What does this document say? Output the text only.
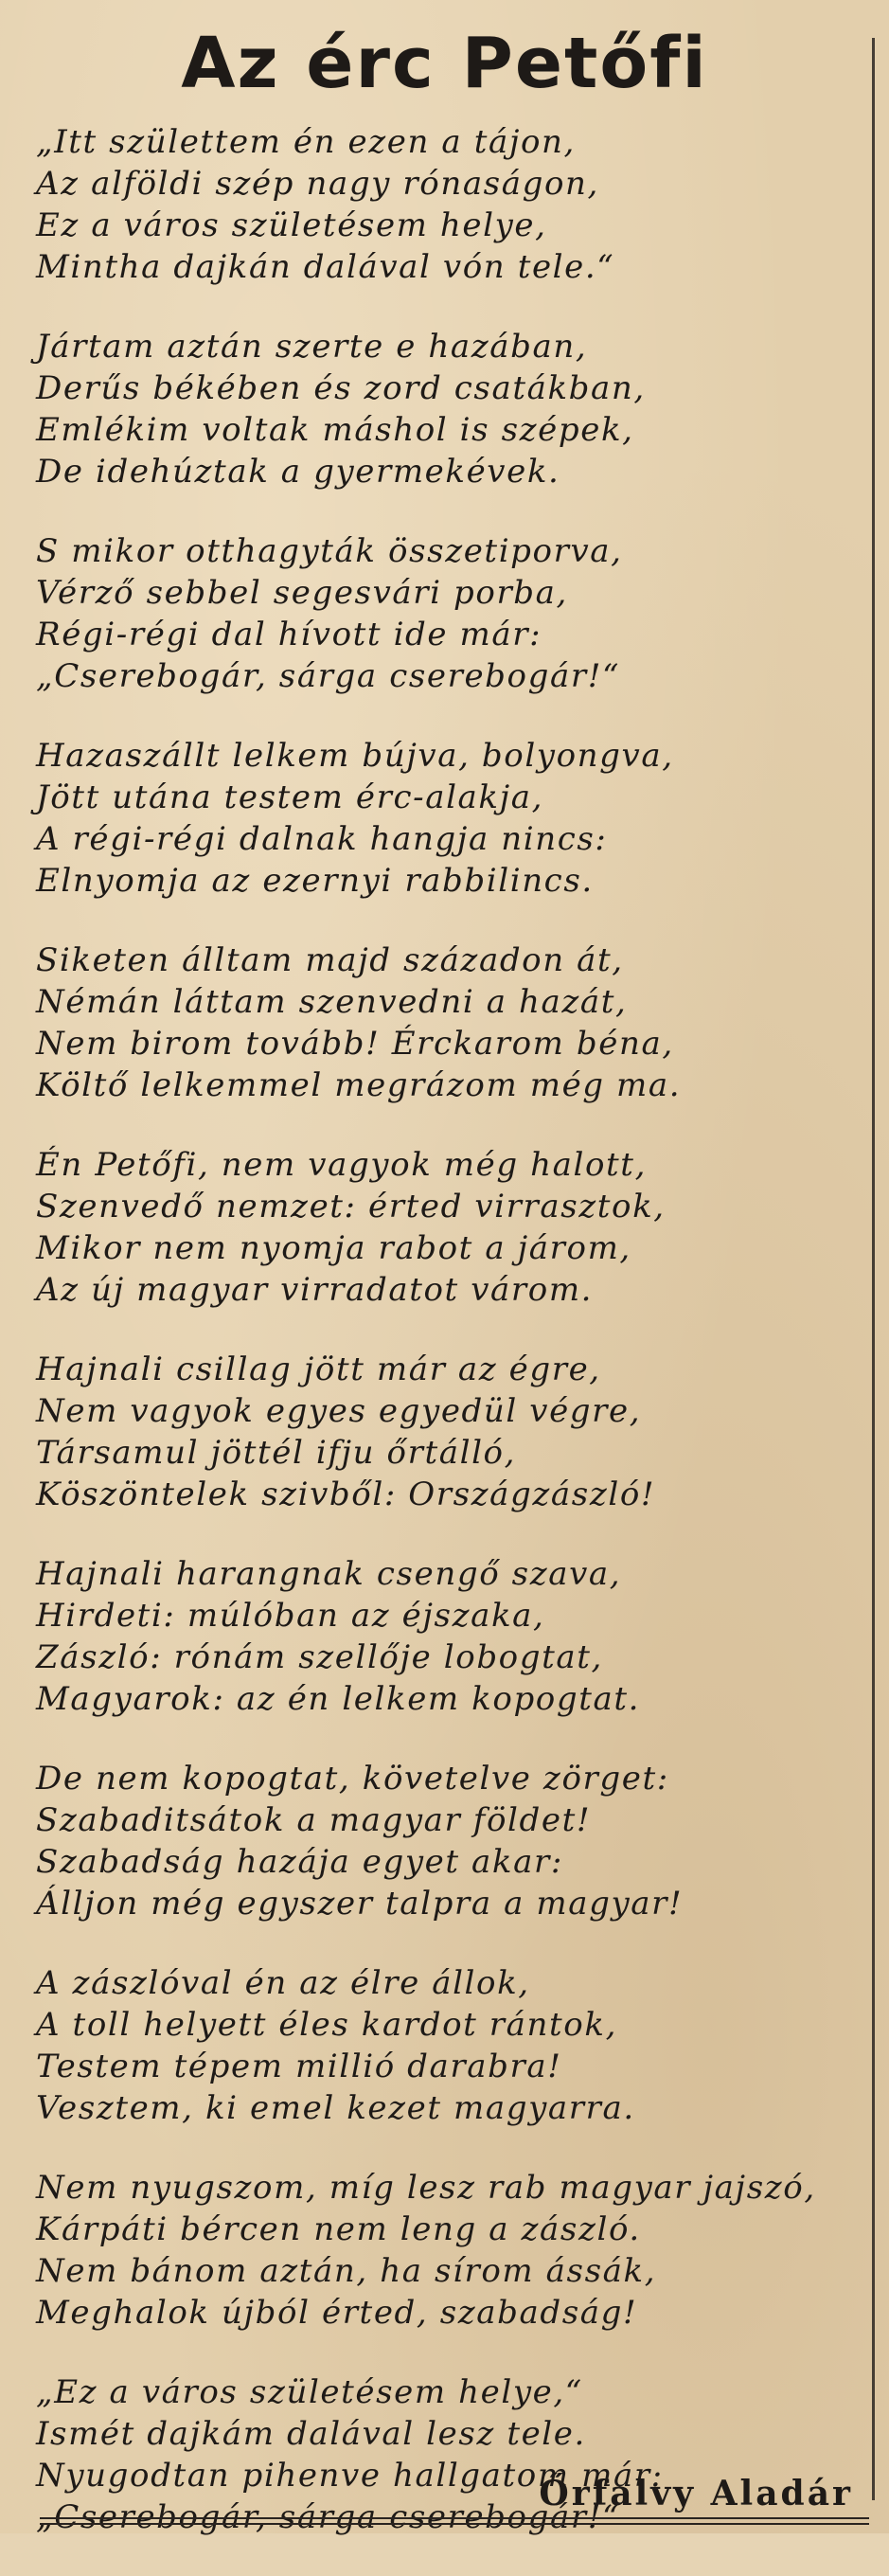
Az érc Petőfi
„Itt születtem én ezen a tájon,
Az alföldi szép nagy rónaságon,
Ez a város születésem helye,
Mintha dajkán dalával vón tele.“
Jártam aztán szerte e hazában,
Derűs békében és zord csatákban,
Emlékim voltak máshol is szépek,
De idehúztak a gyermekévek.
S mikor otthagyták összetiporva,
Vérző sebbel segesvári porba,
Régi-régi dal hívott ide már:
„Cserebogár, sárga cserebogár!“
Hazaszállt lelkem bújva, bolyongva,
Jött utána testem érc-alakja,
A régi-régi dalnak hangja nincs:
Elnyomja az ezernyi rabbilincs.
Siketen álltam majd századon át,
Némán láttam szenvedni a hazát,
Nem birom tovább! Érckarom béna,
Költő lelkemmel megrázom még ma.
Én Petőfi, nem vagyok még halott,
Szenvedő nemzet: érted virrasztok,
Mikor nem nyomja rabot a járom,
Az új magyar virradatot várom.
Hajnali csillag jött már az égre,
Nem vagyok egyes egyedül végre,
Társamul jöttél ifju őrtálló,
Köszöntelek szivből: Országzászló!
Hajnali harangnak csengő szava,
Hirdeti: múlóban az éjszaka,
Zászló: rónám szellője lobogtat,
Magyarok: az én lelkem kopogtat.
De nem kopogtat, követelve zörget:
Szabaditsátok a magyar földet!
Szabadság hazája egyet akar:
Álljon még egyszer talpra a magyar!
A zászlóval én az élre állok,
A toll helyett éles kardot rántok,
Testem tépem millió darabra!
Vesztem, ki emel kezet magyarra.
Nem nyugszom, míg lesz rab magyar jajszó,
Kárpáti bércen nem leng a zászló.
Nem bánom aztán, ha sírom ássák,
Meghalok újból érted, szabadság!
„Ez a város születésem helye,“
Ismét dajkám dalával lesz tele.
Nyugodtan pihenve hallgatom már:
„Cserebogár, sárga cserebogár!“
Őrfalvy Aladár
